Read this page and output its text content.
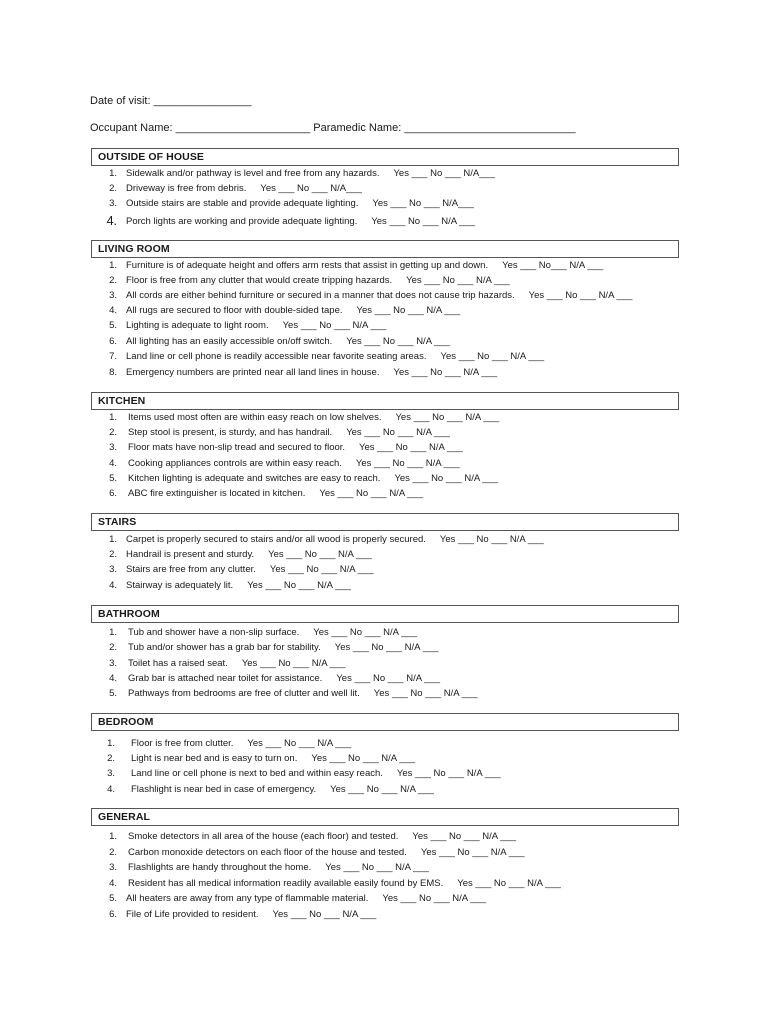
Date of visit: ________________
Occupant Name: ______________________ Paramedic Name: ____________________________
OUTSIDE OF HOUSE
1. Sidewalk and/or pathway is level and free from any hazards. Yes ___ No ___ N/A___
2. Driveway is free from debris. Yes ___ No ___ N/A___
3. Outside stairs are stable and provide adequate lighting. Yes ___ No ___ N/A___
4. Porch lights are working and provide adequate lighting. Yes ___ No ___ N/A ___
LIVING ROOM
1. Furniture is of adequate height and offers arm rests that assist in getting up and down. Yes ___ No___ N/A ___
2. Floor is free from any clutter that would create tripping hazards. Yes ___ No ___ N/A ___
3. All cords are either behind furniture or secured in a manner that does not cause trip hazards. Yes ___ No ___ N/A ___
4. All rugs are secured to floor with double-sided tape. Yes ___ No ___ N/A ___
5. Lighting is adequate to light room. Yes ___ No ___ N/A ___
6. All lighting has an easily accessible on/off switch. Yes ___ No ___ N/A ___
7. Land line or cell phone is readily accessible near favorite seating areas. Yes ___ No ___ N/A ___
8. Emergency numbers are printed near all land lines in house. Yes ___ No ___ N/A ___
KITCHEN
1. Items used most often are within easy reach on low shelves. Yes ___ No ___ N/A ___
2. Step stool is present, is sturdy, and has handrail. Yes ___ No ___ N/A ___
3. Floor mats have non-slip tread and secured to floor. Yes ___ No ___ N/A ___
4. Cooking appliances controls are within easy reach. Yes ___ No ___ N/A ___
5. Kitchen lighting is adequate and switches are easy to reach. Yes ___ No ___ N/A ___
6. ABC fire extinguisher is located in kitchen. Yes ___ No ___ N/A ___
STAIRS
1. Carpet is properly secured to stairs and/or all wood is properly secured. Yes ___ No ___ N/A ___
2. Handrail is present and sturdy. Yes ___ No ___ N/A ___
3. Stairs are free from any clutter. Yes ___ No ___ N/A ___
4. Stairway is adequately lit. Yes ___ No ___ N/A ___
BATHROOM
1. Tub and shower have a non-slip surface. Yes ___ No ___ N/A ___
2. Tub and/or shower has a grab bar for stability. Yes ___ No ___ N/A ___
3. Toilet has a raised seat. Yes ___ No ___ N/A ___
4. Grab bar is attached near toilet for assistance. Yes ___ No ___ N/A ___
5. Pathways from bedrooms are free of clutter and well lit. Yes ___ No ___ N/A ___
BEDROOM
1. Floor is free from clutter. Yes ___ No ___ N/A ___
2. Light is near bed and is easy to turn on. Yes ___ No ___ N/A ___
3. Land line or cell phone is next to bed and within easy reach. Yes ___ No ___ N/A ___
4. Flashlight is near bed in case of emergency. Yes ___ No ___ N/A ___
GENERAL
1. Smoke detectors in all area of the house (each floor) and tested. Yes ___ No ___ N/A ___
2. Carbon monoxide detectors on each floor of the house and tested. Yes ___ No ___ N/A ___
3. Flashlights are handy throughout the home. Yes ___ No ___ N/A ___
4. Resident has all medical information readily available easily found by EMS. Yes ___ No ___ N/A ___
5. All heaters are away from any type of flammable material. Yes ___ No ___ N/A ___
6. File of Life provided to resident. Yes ___ No ___ N/A ___
